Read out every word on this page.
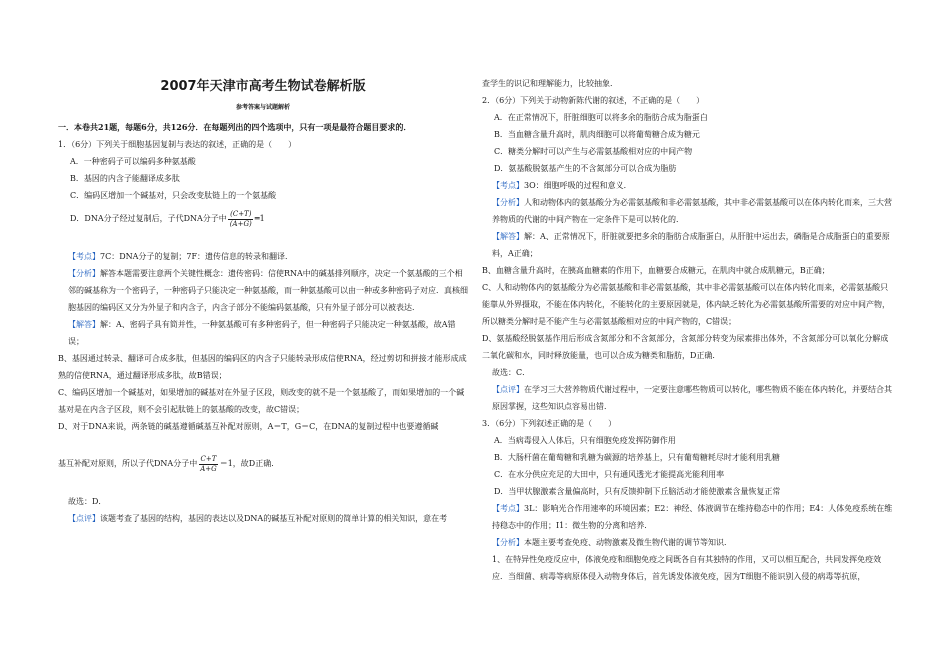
2007年天津市高考生物试卷解析版
参考答案与试题解析

一．本卷共21题，每题6分，共126分．在每题列出的四个选项中，只有一项是最符合题目要求的．

1．（6分）下列关于细胞基因复制与表达的叙述，正确的是（　　）

A．一种密码子可以编码多种氨基酸

B．基因的内含子能翻译成多肽

C．编码区增加一个碱基对，只会改变肽链上的一个氨基酸

D．DNA分子经过复制后，子代DNA分子中 $\frac{(C+T)}{(A+G)}$ ═1

【考点】7C：DNA分子的复制；7F：遗传信息的转录和翻译．

【分析】解答本题需要注意两个关键性概念：遗传密码：信使RNA中的碱基排列顺序，决定一个氨基酸的三个相邻的碱基称为一个密码子，一种密码子只能决定一种氨基酸，而一种氨基酸可以由一种或多种密码子对应．真核细胞基因的编码区又分为外显子和内含子，内含子部分不能编码氨基酸，只有外显子部分可以被表达．

【解答】解：A、密码子具有简并性，一种氨基酸可有多种密码子，但一种密码子只能决定一种氨基酸，故A错误；

B、基因通过转录、翻译可合成多肽，但基因的编码区的内含子只能转录形成信使RNA，经过剪切和拼接才能形成成熟的信使RNA，通过翻译形成多肽，故B错误；

C、编码区增加一个碱基对，如果增加的碱基对在外显子区段，则改变的就不是一个氨基酸了，而如果增加的一个碱基对是在内含子区段，则不会引起肽链上的氨基酸的改变，故C错误；

D、对于DNA来说，两条链的碱基遵循碱基互补配对原则，A＝T，G＝C，在DNA的复制过程中也要遵循碱

基互补配对原则，所以子代DNA分子中 $\frac{C+T}{A+G} =1$，故D正确．

故选：D．

【点评】该题考查了基因的结构，基因的表达以及DNA的碱基互补配对原则的简单计算的相关知识，意在考

查学生的识记和理解能力，比较抽象．

2．（6分）下列关于动物新陈代谢的叙述，不正确的是（　　）

A．在正常情况下，肝脏细胞可以将多余的脂肪合成为脂蛋白

B．当血糖含量升高时，肌肉细胞可以将葡萄糖合成为糖元

C．糖类分解时可以产生与必需氨基酸相对应的中间产物

D．氨基酸脱氨基产生的不含氮部分可以合成为脂肪

【考点】3O：细胞呼吸的过程和意义．

【分析】人和动物体内的氨基酸分为必需氨基酸和非必需氨基酸，其中非必需氨基酸可以在体内转化而来，三大营养物质的代谢的中间产物在一定条件下是可以转化的．

【解答】解：A、正常情况下，肝脏就要把多余的脂肪合成脂蛋白，从肝脏中运出去，磷脂是合成脂蛋白的重要原料，A正确；

B、血糖含量升高时，在胰高血糖素的作用下，血糖要合成糖元，在肌肉中就合成肌糖元，B正确；

C、人和动物体内的氨基酸分为必需氨基酸和非必需氨基酸，其中非必需氨基酸可以在体内转化而来，必需氨基酸只能靠从外界摄取，不能在体内转化，不能转化的主要原因就是，体内缺乏转化为必需氨基酸所需要的对应中间产物，所以糖类分解时是不能产生与必需氨基酸相对应的中间产物的，C错误；

D、氨基酸经脱氨基作用后形成含氮部分和不含氮部分，含氮部分转变为尿素排出体外，不含氮部分可以氧化分解成二氧化碳和水，同时释放能量，也可以合成为糖类和脂肪，D正确．

故选：C．

【点评】在学习三大营养物质代谢过程中，一定要注意哪些物质可以转化，哪些物质不能在体内转化，并要结合其原因掌握，这些知识点容易出错．

3．（6分）下列叙述正确的是（　　）

A．当病毒侵入人体后，只有细胞免疫发挥防御作用

B．大肠杆菌在葡萄糖和乳糖为碳源的培养基上，只有葡萄糖耗尽时才能利用乳糖

C．在水分供应充足的大田中，只有通风透光才能提高光能利用率

D．当甲状腺激素含量偏高时，只有反馈抑制下丘脑活动才能使激素含量恢复正常

【考点】3L：影响光合作用速率的环境因素；E2：神经、体液调节在维持稳态中的作用；E4：人体免疫系统在维持稳态中的作用；I1：微生物的分离和培养．

【分析】本题主要考查免疫、动物激素及微生物代谢的调节等知识．

1、在特异性免疫反应中，体液免疫和细胞免疫之间既各自有其独特的作用，又可以相互配合，共同发挥免疫效应．当细菌、病毒等病原体侵入动物身体后，首先诱发体液免疫，因为T细胞不能识别入侵的病毒等抗原，
